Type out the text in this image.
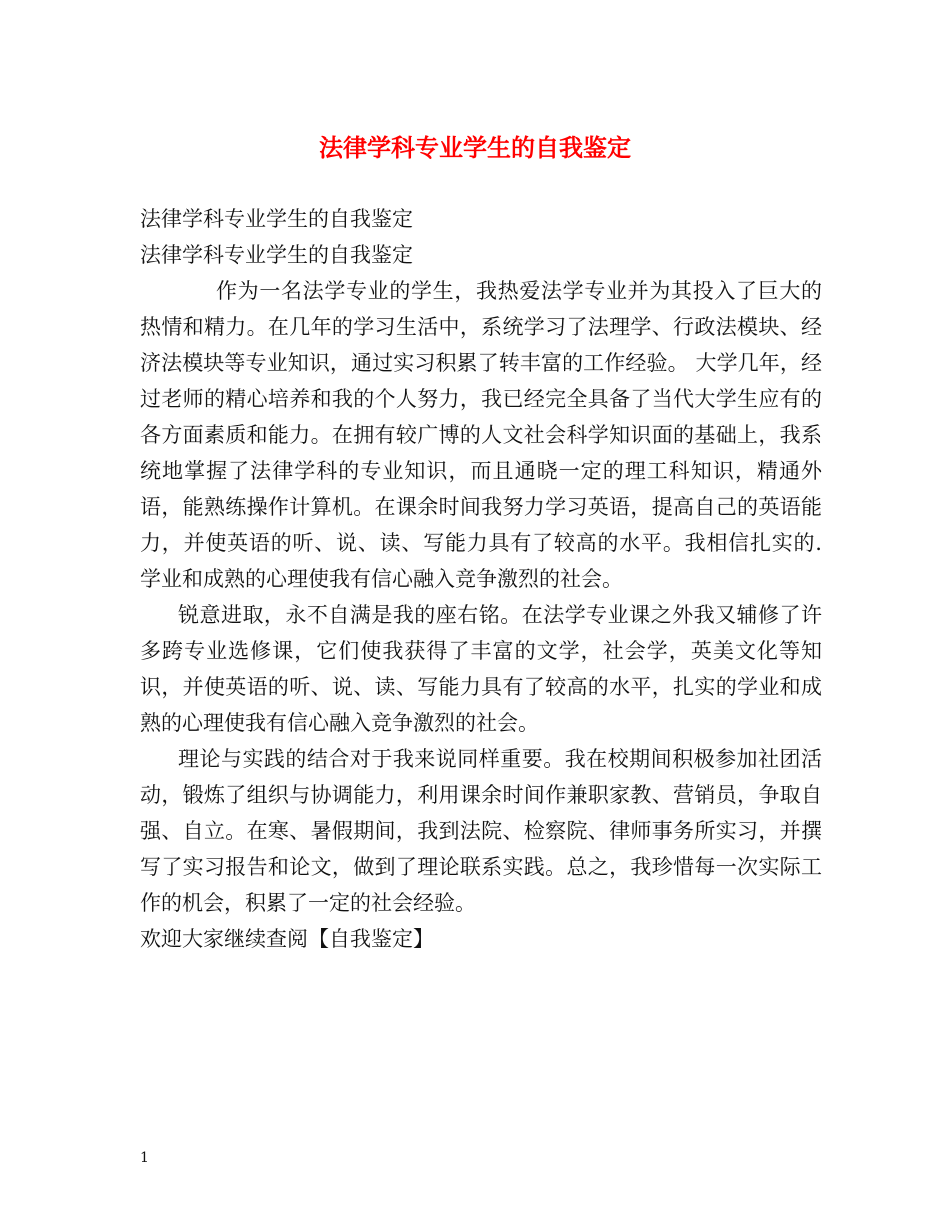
法律学科专业学生的自我鉴定
法律学科专业学生的自我鉴定
法律学科专业学生的自我鉴定

作为一名法学专业的学生，我热爱法学专业并为其投入了巨大的热情和精力。在几年的学习生活中，系统学习了法理学、行政法模块、经济法模块等专业知识，通过实习积累了转丰富的工作经验。 大学几年，经过老师的精心培养和我的个人努力，我已经完全具备了当代大学生应有的各方面素质和能力。在拥有较广博的人文社会科学知识面的基础上，我系统地掌握了法律学科的专业知识，而且通晓一定的理工科知识，精通外语，能熟练操作计算机。在课余时间我努力学习英语，提高自己的英语能力，并使英语的听、说、读、写能力具有了较高的水平。我相信扎实的. 学业和成熟的心理使我有信心融入竞争激烈的社会。

锐意进取，永不自满是我的座右铭。在法学专业课之外我又辅修了许多跨专业选修课，它们使我获得了丰富的文学，社会学，英美文化等知识，并使英语的听、说、读、写能力具有了较高的水平，扎实的学业和成熟的心理使我有信心融入竞争激烈的社会。

理论与实践的结合对于我来说同样重要。我在校期间积极参加社团活动，锻炼了组织与协调能力，利用课余时间作兼职家教、营销员，争取自强、自立。在寒、暑假期间，我到法院、检察院、律师事务所实习，并撰写了实习报告和论文，做到了理论联系实践。总之，我珍惜每一次实际工作的机会，积累了一定的社会经验。

欢迎大家继续查阅【自我鉴定】
1
